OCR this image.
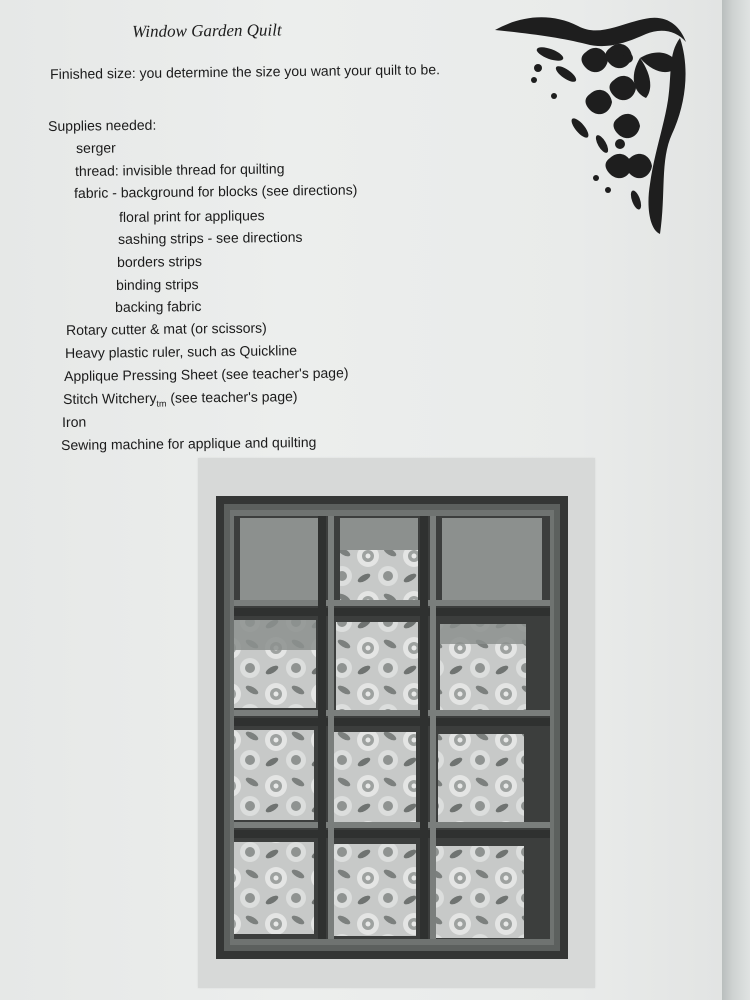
Window Garden Quilt
Finished size: you determine the size you want your quilt to be.
Supplies needed:
serger
thread: invisible thread for quilting
fabric - background for blocks (see directions)
floral print for appliques
sashing strips - see directions
borders strips
binding strips
backing fabric
Rotary cutter & mat (or scissors)
Heavy plastic ruler, such as Quickline
Applique Pressing Sheet (see teacher's page)
Stitch Witchery$_{tm}$ (see teacher's page)
Iron
Sewing machine for applique and quilting
